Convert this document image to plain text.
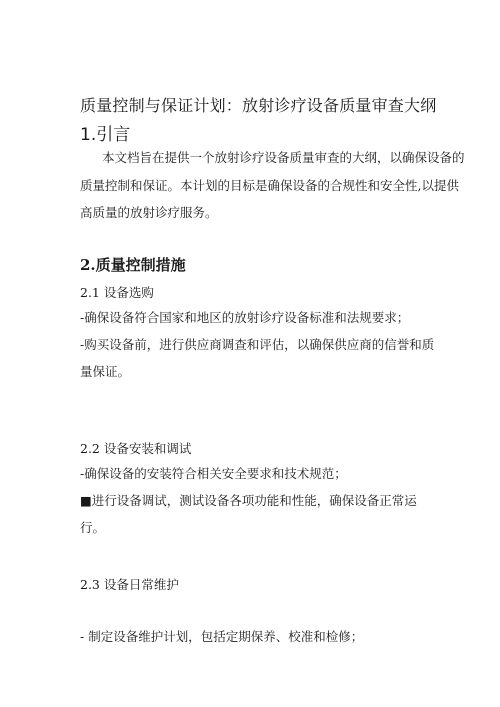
质量控制与保证计划：放射诊疗设备质量审查大纲
1.引言
本文档旨在提供一个放射诊疗设备质量审查的大纲，以确保设备的
质量控制和保证。本计划的目标是确保设备的合规性和安全性,以提供
高质量的放射诊疗服务。
2.质量控制措施
2.1 设备选购
-确保设备符合国家和地区的放射诊疗设备标准和法规要求；
-购买设备前，进行供应商调查和评估，以确保供应商的信誉和质
量保证。
2.2 设备安装和调试
-确保设备的安装符合相关安全要求和技术规范；
■进行设备调试，测试设备各项功能和性能，确保设备正常运
行。
2.3 设备日常维护
- 制定设备维护计划，包括定期保养、校准和检修；
